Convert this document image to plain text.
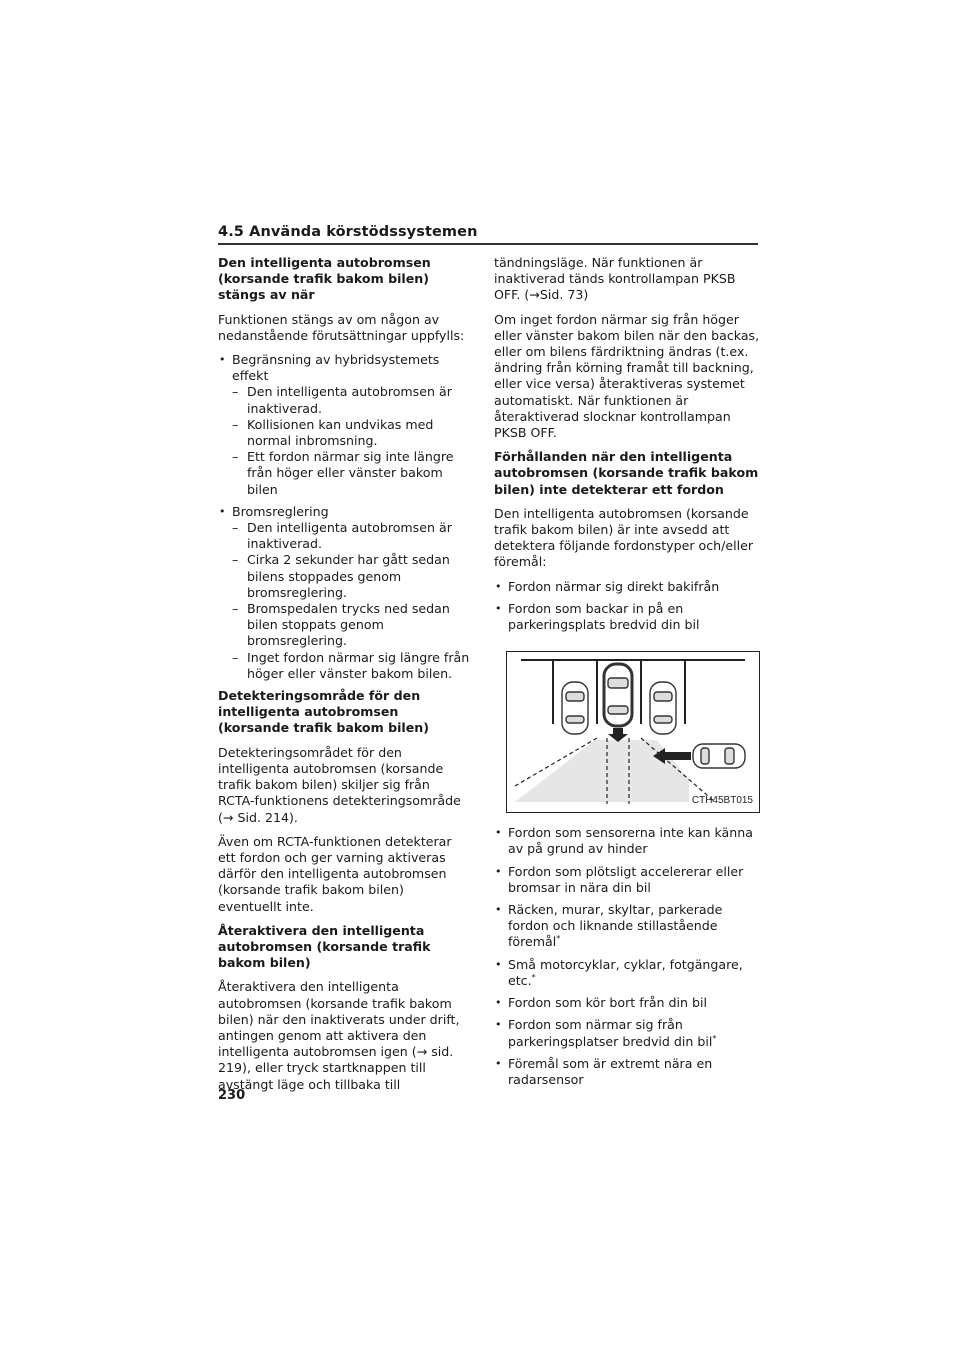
4.5 Använda körstödssystemen
Den intelligenta autobromsen (korsande trafik bakom bilen) stängs av när
Funktionen stängs av om någon av nedanstående förutsättningar uppfylls:
• Begränsning av hybridsystemets effekt
– Den intelligenta autobromsen är inaktiverad.
– Kollisionen kan undvikas med normal inbromsning.
– Ett fordon närmar sig inte längre från höger eller vänster bakom bilen
• Bromsreglering
– Den intelligenta autobromsen är inaktiverad.
– Cirka 2 sekunder har gått sedan bilens stoppades genom bromsreglering.
– Bromspedalen trycks ned sedan bilen stoppats genom bromsreglering.
– Inget fordon närmar sig längre från höger eller vänster bakom bilen.
Detekteringsområde för den intelligenta autobromsen (korsande trafik bakom bilen)
Detekteringsområdet för den intelligenta autobromsen (korsande trafik bakom bilen) skiljer sig från RCTA-funktionens detekteringsområde (→ Sid. 214).
Även om RCTA-funktionen detekterar ett fordon och ger varning aktiveras därför den intelligenta autobromsen (korsande trafik bakom bilen) eventuellt inte.
Återaktivera den intelligenta autobromsen (korsande trafik bakom bilen)
Återaktivera den intelligenta autobromsen (korsande trafik bakom bilen) när den inaktiverats under drift, antingen genom att aktivera den intelligenta autobromsen igen (→ sid. 219), eller tryck startknappen till avstängt läge och tillbaka till
tändningsläge. När funktionen är inaktiverad tänds kontrollampan PKSB OFF. (→Sid. 73)
Om inget fordon närmar sig från höger eller vänster bakom bilen när den backas, eller om bilens färdriktning ändras (t.ex. ändring från körning framåt till backning, eller vice versa) återaktiveras systemet automatiskt. När funktionen är återaktiverad slocknar kontrollampan PKSB OFF.
Förhållanden när den intelligenta autobromsen (korsande trafik bakom bilen) inte detekterar ett fordon
Den intelligenta autobromsen (korsande trafik bakom bilen) är inte avsedd att detektera följande fordonstyper och/eller föremål:
• Fordon närmar sig direkt bakifrån
• Fordon som backar in på en parkeringsplats bredvid din bil
CTH45BT015
• Fordon som sensorerna inte kan känna av på grund av hinder
• Fordon som plötsligt accelererar eller bromsar in nära din bil
• Räcken, murar, skyltar, parkerade fordon och liknande stillastående föremål*
• Små motorcyklar, cyklar, fotgängare, etc.*
• Fordon som kör bort från din bil
• Fordon som närmar sig från parkeringsplatser bredvid din bil*
• Föremål som är extremt nära en radarsensor
230
